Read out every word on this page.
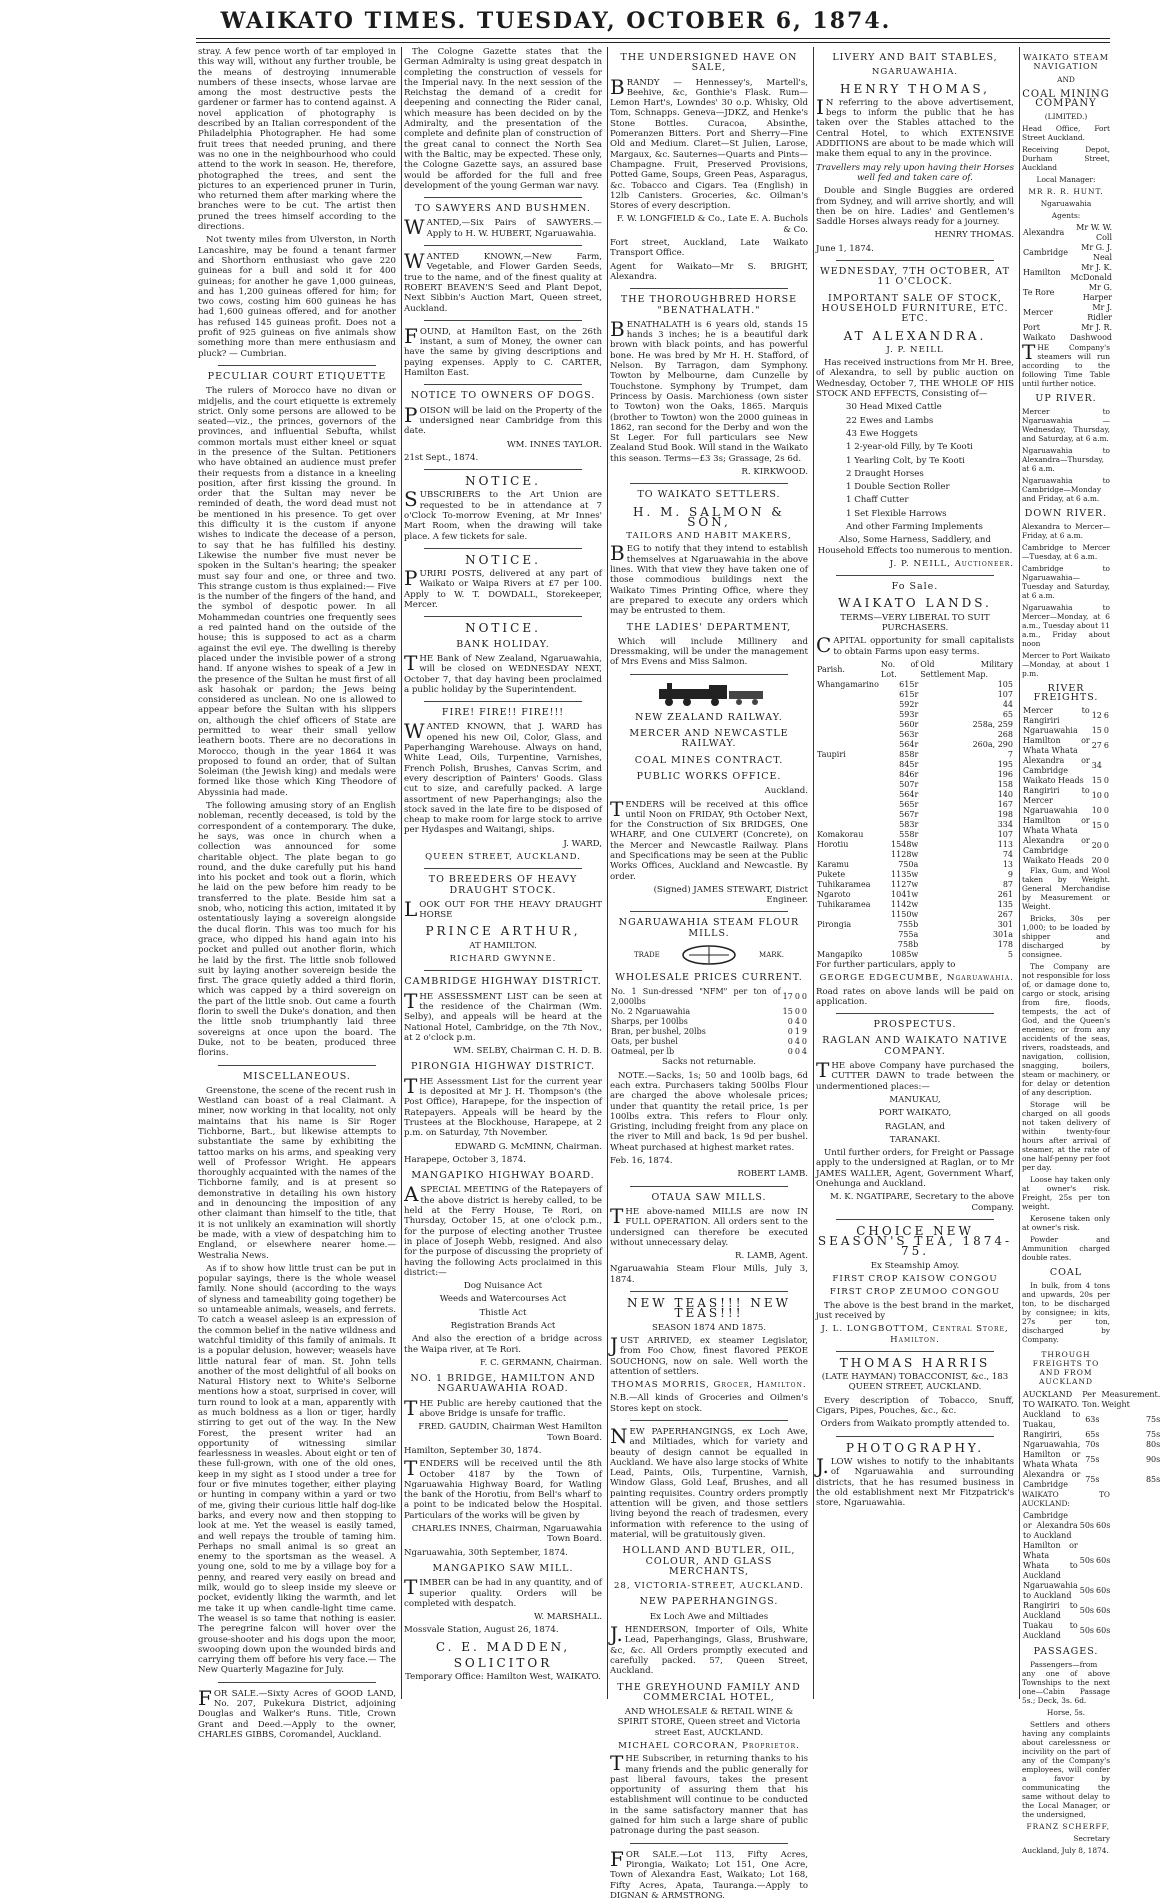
WAIKATO TIMES. TUESDAY, OCTOBER 6, 1874.

stray. A few pence worth of tar employed in this way will, without any further trouble, be the means of destroying innumerable numbers of these insects, whose larvae are among the most destructive pests the gardener or farmer has to contend against. A novel application of photography is described by an Italian correspondent of the Philadelphia Photographer. He had some fruit trees that needed pruning, and there was no one in the neighbourhood who could attend to the work in season. He, therefore, photographed the trees, and sent the pictures to an experienced pruner in Turin, who returned them after marking where the branches were to be cut. The artist then pruned the trees himself according to the directions.

Not twenty miles from Ulverston, in North Lancashire, may be found a tenant farmer and Shorthorn enthusiast who gave 220 guineas for a bull and sold it for 400 guineas; for another he gave 1,000 guineas, and has 1,200 guineas offered for him; for two cows, costing him 600 guineas he has had 1,600 guineas offered, and for another has refused 145 guineas profit. Does not a profit of 925 guineas on five animals show something more than mere enthusiasm and pluck? — Cumbrian.

PECULIAR COURT ETIQUETTE

The rulers of Morocco have no divan or midjelis, and the court etiquette is extremely strict. Only some persons are allowed to be seated—viz., the princes, governors of the provinces, and influential Sebufta, whilst common mortals must either kneel or squat in the presence of the Sultan. Petitioners who have obtained an audience must prefer their requests from a distance in a kneeling position, after first kissing the ground. In order that the Sultan may never be reminded of death, the word dead must not be mentioned in his presence. To get over this difficulty it is the custom if anyone wishes to indicate the decease of a person, to say that he has fulfilled his destiny. Likewise the number five must never be spoken in the Sultan's hearing; the speaker must say four and one, or three and two. This strange custom is thus explained:— Five is the number of the fingers of the hand, and the symbol of despotic power. In all Mohammedan countries one frequently sees a red painted hand on the outside of the house; this is supposed to act as a charm against the evil eye. The dwelling is thereby placed under the invisible power of a strong hand. If anyone wishes to speak of a Jew in the presence of the Sultan he must first of all ask hasohak or pardon; the Jews being considered as unclean. No one is allowed to appear before the Sultan with his slippers on, although the chief officers of State are permitted to wear their small yellow leathern boots. There are no decorations in Morocco, though in the year 1864 it was proposed to found an order, that of Sultan Soleiman (the Jewish king) and medals were formed like those which King Theodore of Abyssinia had made.

The following amusing story of an English nobleman, recently deceased, is told by the correspondent of a contemporary. The duke, he says, was once in church when a collection was announced for some charitable object. The plate began to go round, and the duke carefully put his hand into his pocket and took out a florin, which he laid on the pew before him ready to be transferred to the plate. Beside him sat a snob, who, noticing this action, imitated it by ostentatiously laying a sovereign alongside the ducal florin. This was too much for his grace, who dipped his hand again into his pocket and pulled out another florin, which he laid by the first. The little snob followed suit by laying another sovereign beside the first. The grace quietly added a third florin, which was capped by a third sovereign on the part of the little snob. Out came a fourth florin to swell the Duke's donation, and then the little snob triumphantly laid three sovereigns at once upon the board. The Duke, not to be beaten, produced three florins.

MISCELLANEOUS.

Greenstone, the scene of the recent rush in Westland can boast of a real Claimant. A miner, now working in that locality, not only maintains that his name is Sir Roger Tichborne, Bart., but likewise attempts to substantiate the same by exhibiting the tattoo marks on his arms, and speaking very well of Professor Wright. He appears thoroughly acquainted with the names of the Tichborne family, and is at present so demonstrative in detailing his own history and in denouncing the imposition of any other claimant than himself to the title, that it is not unlikely an examination will shortly be made, with a view of despatching him to England, or elsewhere nearer home.— Westralia News.

As if to show how little trust can be put in popular sayings, there is the whole weasel family. None should (according to the ways of slyness and tameability going together) be so untameable animals, weasels, and ferrets. To catch a weasel asleep is an expression of the common belief in the native wildness and watchful timidity of this family of animals. It is a popular delusion, however; weasels have little natural fear of man. St. John tells another of the most delightful of all books on Natural History next to White's Selborne mentions how a stoat, surprised in cover, will turn round to look at a man, apparently with as much boldness as a lion or tiger, hardly stirring to get out of the way. In the New Forest, the present writer had an opportunity of witnessing similar fearlessness in weasles. About eight or ten of these full-grown, with one of the old ones, keep in my sight as I stood under a tree for four or five minutes together, either playing or hunting in company within a yard or two of me, giving their curious little half dog-like barks, and every now and then stopping to look at me. Yet the weasel is easily tamed, and well repays the trouble of taming him. Perhaps no small animal is so great an enemy to the sportsman as the weasel. A young one, sold to me by a village boy for a penny, and reared very easily on bread and milk, would go to sleep inside my sleeve or pocket, evidently liking the warmth, and let me take it up when candle-light time came. The weasel is so tame that nothing is easier. The peregrine falcon will hover over the grouse-shooter and his dogs upon the moor, swooping down upon the wounded birds and carrying them off before his very face.— The New Quarterly Magazine for July.

FOR SALE.—Sixty Acres of GOOD LAND, No. 207, Pukekura District, adjoining Douglas and Walker's Runs. Title, Crown Grant and Deed.—Apply to the owner, CHARLES GIBBS, Coromandel, Auckland.

The Cologne Gazette states that the German Admiralty is using great despatch in completing the construction of vessels for the Imperial navy. In the next session of the Reichstag the demand of a credit for deepening and connecting the Rider canal, which measure has been decided on by the Admiralty, and the presentation of the complete and definite plan of construction of the great canal to connect the North Sea with the Baltic, may be expected. These only, the Cologne Gazette says, an assured base would be afforded for the full and free development of the young German war navy.

TO SAWYERS AND BUSHMEN.

WANTED,—Six Pairs of SAWYERS.—Apply to H. W. HUBERT, Ngaruawahia.

WANTED KNOWN,—New Farm, Vegetable, and Flower Garden Seeds, true to the name, and of the finest quality at ROBERT BEAVEN'S Seed and Plant Depot, Next Sibbin's Auction Mart, Queen street, Auckland.

FOUND, at Hamilton East, on the 26th instant, a sum of Money, the owner can have the same by giving descriptions and paying expenses. Apply to C. CARTER, Hamilton East.

NOTICE TO OWNERS OF DOGS.

POISON will be laid on the Property of the undersigned near Cambridge from this date.

WM. INNES TAYLOR.

21st Sept., 1874.

NOTICE.

SUBSCRIBERS to the Art Union are requested to be in attendance at 7 o'Clock To-morrow Evening, at Mr Innes' Mart Room, when the drawing will take place. A few tickets for sale.

NOTICE.

PURIRI POSTS, delivered at any part of Waikato or Waipa Rivers at £7 per 100. Apply to W. T. DOWDALL, Storekeeper, Mercer.

NOTICE.
BANK HOLIDAY.

THE Bank of New Zealand, Ngaruawahia, will be closed on WEDNESDAY NEXT, October 7, that day having been proclaimed a public holiday by the Superintendent.

FIRE! FIRE!! FIRE!!!

WANTED KNOWN, that J. WARD has opened his new Oil, Color, Glass, and Paperhanging Warehouse. Always on hand, White Lead, Oils, Turpentine, Varnishes, French Polish, Brushes, Canvas Scrim, and every description of Painters' Goods. Glass cut to size, and carefully packed. A large assortment of new Paperhangings; also the stock saved in the late fire to be disposed of cheap to make room for large stock to arrive per Hydaspes and Waitangi, ships.

J. WARD,

QUEEN STREET, AUCKLAND.

TO BREEDERS OF HEAVY DRAUGHT STOCK.

LOOK OUT FOR THE HEAVY DRAUGHT HORSE

PRINCE ARTHUR,

AT HAMILTON.

RICHARD GWYNNE.

CAMBRIDGE HIGHWAY DISTRICT.

THE ASSESSMENT LIST can be seen at the residence of the Chairman (Wm. Selby), and appeals will be heard at the National Hotel, Cambridge, on the 7th Nov., at 2 o'clock p.m.

WM. SELBY, Chairman C. H. D. B.

PIRONGIA HIGHWAY DISTRICT.

THE Assessment List for the current year is deposited at Mr J. H. Thompson's (the Post Office), Harapepe, for the inspection of Ratepayers. Appeals will be heard by the Trustees at the Blockhouse, Harapepe, at 2 p.m. on Saturday, 7th November.

EDWARD G. McMINN, Chairman.

Harapepe, October 3, 1874.

MANGAPIKO HIGHWAY BOARD.

ASPECIAL MEETING of the Ratepayers of the above district is hereby called, to be held at the Ferry House, Te Rori, on Thursday, October 15, at one o'clock p.m., for the purpose of electing another Trustee in place of Joseph Webb, resigned. And also for the purpose of discussing the propriety of having the following Acts proclaimed in this district:—

Dog Nuisance Act

Weeds and Watercourses Act

Thistle Act

Registration Brands Act

And also the erection of a bridge across the Waipa river, at Te Rori.

F. C. GERMANN, Chairman.

NO. 1 BRIDGE, HAMILTON AND NGARUAWAHIA ROAD.

THE Public are hereby cautioned that the above Bridge is unsafe for traffic.

FRED. GAUDIN, Chairman West Hamilton Town Board.

Hamilton, September 30, 1874.

TENDERS will be received until the 8th October 4187 by the Town of Ngaruawahia Highway Board, for Watling the bank of the Horotiu, from Bell's wharf to a point to be indicated below the Hospital. Particulars of the works will be given by

CHARLES INNES, Chairman, Ngaruawahia Town Board.

Ngaruawahia, 30th September, 1874.

MANGAPIKO SAW MILL.

TIMBER can be had in any quantity, and of superior quality. Orders will be completed with despatch.

W. MARSHALL.

Mossvale Station, August 26, 1874.

C. E. MADDEN,
SOLICITOR

Temporary Office: Hamilton West, WAIKATO.

THE UNDERSIGNED HAVE ON SALE,

BRANDY — Hennessey's, Martell's, Beehive, &c, Gonthie's Flask. Rum—Lemon Hart's, Lowndes' 30 o.p. Whisky, Old Tom, Schnapps. Geneva—JDKZ, and Henke's Stone Bottles. Curacoa, Absinthe, Pomeranzen Bitters. Port and Sherry—Fine Old and Medium. Claret—St Julien, Larose, Margaux, &c. Sauternes—Quarts and Pints—Champagne. Fruit, Preserved Provisions, Potted Game, Soups, Green Peas, Asparagus, &c. Tobacco and Cigars. Tea (English) in 12lb Canisters. Groceries, &c. Oilman's Stores of every description.

F. W. LONGFIELD & Co., Late E. A. Buchols & Co.

Fort street, Auckland, Late Waikato Transport Office.

Agent for Waikato—Mr S. BRIGHT, Alexandra.

THE THOROUGHBRED HORSE "BENATHALATH."

BENATHALATH is 6 years old, stands 15 hands 3 inches; he is a beautiful dark brown with black points, and has powerful bone. He was bred by Mr H. H. Stafford, of Nelson. By Tarragon, dam Symphony. Towton by Melbourne, dam Cunzelle by Touchstone. Symphony by Trumpet, dam Princess by Oasis. Marchioness (own sister to Towton) won the Oaks, 1865. Marquis (brother to Towton) won the 2000 guineas in 1862, ran second for the Derby and won the St Leger. For full particulars see New Zealand Stud Book. Will stand in the Waikato this season. Terms—£3 3s; Grassage, 2s 6d.

R. KIRKWOOD.

TO WAIKATO SETTLERS.
H. M. SALMON & SON,

TAILORS AND HABIT MAKERS,

BEG to notify that they intend to establish themselves at Ngaruawahia in the above lines. With that view they have taken one of those commodious buildings next the Waikato Times Printing Office, where they are prepared to execute any orders which may be entrusted to them.

THE LADIES' DEPARTMENT,

Which will include Millinery and Dressmaking, will be under the management of Mrs Evens and Miss Salmon.

NEW ZEALAND RAILWAY.
MERCER AND NEWCASTLE RAILWAY.
COAL MINES CONTRACT.
PUBLIC WORKS OFFICE.

Auckland.

TENDERS will be received at this office until Noon on FRIDAY, 9th October Next, for the Construction of Six BRIDGES, One WHARF, and One CULVERT (Concrete), on the Mercer and Newcastle Railway. Plans and Specifications may be seen at the Public Works Offices, Auckland and Newcastle. By order.

(Signed) JAMES STEWART, District Engineer.

NGARUAWAHIA STEAM FLOUR MILLS.
TRADE	MARK.
WHOLESALE PRICES CURRENT.
No. 1 Sun-dressed "NFM" per ton of 2,000lbs	17	0	0
No. 2 Ngaruawahia	15	0	0
Sharps, per 100lbs	0	4	0
Bran, per bushel, 20lbs	0	1	9
Oats, per bushel	0	4	0
Oatmeal, per lb	0	0	4

Sacks not returnable.

NOTE.—Sacks, 1s; 50 and 100lb bags, 6d each extra. Purchasers taking 500lbs Flour are charged the above wholesale prices; under that quantity the retail price, 1s per 100lbs extra. This refers to Flour only. Gristing, including freight from any place on the river to Mill and back, 1s 9d per bushel. Wheat purchased at highest market rates.

Feb. 16, 1874.

ROBERT LAMB.

OTAUA SAW MILLS.

THE above-named MILLS are now IN FULL OPERATION. All orders sent to the undersigned can therefore be executed without unnecessary delay.

R. LAMB, Agent.

Ngaruawahia Steam Flour Mills, July 3, 1874.

NEW TEAS!!! NEW TEAS!!!

SEASON 1874 AND 1875.

JUST ARRIVED, ex steamer Legislator, from Foo Chow, finest flavored PEKOE SOUCHONG, now on sale. Well worth the attention of settlers.

THOMAS MORRIS, Grocer, Hamilton.

N.B.—All kinds of Groceries and Oilmen's Stores kept on stock.

NEW PAPERHANGINGS, ex Loch Awe, and Miltiades, which for variety and beauty of design cannot be equalled in Auckland. We have also large stocks of White Lead, Paints, Oils, Turpentine, Varnish, Window Glass, Gold Leaf, Brushes, and all painting requisites. Country orders promptly attention will be given, and those settlers living beyond the reach of tradesmen, every information with reference to the using of material, will be gratuitously given.

HOLLAND AND BUTLER, OIL, COLOUR, AND GLASS MERCHANTS,

28, VICTORIA-STREET, AUCKLAND.

NEW PAPERHANGINGS.

Ex Loch Awe and Miltiades

J.HENDERSON, Importer of Oils, White Lead, Paperhangings, Glass, Brushware, &c, &c. All Orders promptly executed and carefully packed. 57, Queen Street, Auckland.

THE GREYHOUND FAMILY AND COMMERCIAL HOTEL,

AND WHOLESALE & RETAIL WINE & SPIRIT STORE, Queen street and Victoria street East, AUCKLAND.

MICHAEL CORCORAN, Proprietor.

THE Subscriber, in returning thanks to his many friends and the public generally for past liberal favours, takes the present opportunity of assuring them that his establishment will continue to be conducted in the same satisfactory manner that has gained for him such a large share of public patronage during the past season.

FOR SALE.—Lot 113, Fifty Acres, Pirongia, Waikato; Lot 151, One Acre, Town of Alexandra East, Waikato; Lot 168, Fifty Acres, Apata, Tauranga.—Apply to DIGNAN & ARMSTRONG.

LIVERY AND BAIT STABLES,

NGARUAWAHIA.

HENRY THOMAS,

IN referring to the above advertisement, begs to inform the public that he has taken over the Stables attached to the Central Hotel, to which EXTENSIVE ADDITIONS are about to be made which will make them equal to any in the province.

Travellers may rely upon having their Horses well fed and taken care of.

Double and Single Buggies are ordered from Sydney, and will arrive shortly, and will then be on hire. Ladies' and Gentlemen's Saddle Horses always ready for a journey.

HENRY THOMAS.

June 1, 1874.

WEDNESDAY, 7TH OCTOBER, AT 11 O'CLOCK.
IMPORTANT SALE OF STOCK, HOUSEHOLD FURNITURE, ETC. ETC.
AT ALEXANDRA.

J. P. NEILL

Has received instructions from Mr H. Bree, of Alexandra, to sell by public auction on Wednesday, October 7, THE WHOLE OF HIS STOCK AND EFFECTS, Consisting of—

30 Head Mixed Cattle

22 Ewes and Lambs

43 Ewe Hoggets

1 2-year-old Filly, by Te Kooti

1 Yearling Colt, by Te Kooti

2 Draught Horses

1 Double Section Roller

1 Chaff Cutter

1 Set Flexible Harrows

And other Farming Implements

Also, Some Harness, Saddlery, and Household Effects too numerous to mention.

J. P. NEILL, Auctioneer.

Fo Sale.
WAIKATO LANDS.

TERMS—VERY LIBERAL TO SUIT PURCHASERS.

CAPITAL opportunity for small capitalists to obtain Farms upon easy terms.

Parish.	No. of Lot.	Old Military Settlement Map.
Whangamarino	615r	105
	615r	107
	592r	44
	593r	65
	560r	258a, 259
	563r	268
	564r	260a, 290
Taupiri	858r	7
	845r	195
	846r	196
	507r	158
	564r	140
	565r	167
	567r	198
	583r	334
Komakorau	558r	107
Horotiu	1548w	113
	1128w	74
Karamu	750a	13
Pukete	1135w	9
Tuhikaramea	1127w	87
Ngaroto	1041w	261
Tuhikaramea	1142w	135
	1150w	267
Pirongia	755b	301
	755a	301a
	758b	178
Mangapiko	1085w	5

For further particulars, apply to

GEORGE EDGECUMBE, Ngaruawahia.

Road rates on above lands will be paid on application.

PROSPECTUS.
RAGLAN AND WAIKATO NATIVE COMPANY.

THE above Company have purchased the CUTTER DAWN to trade between the undermentioned places:—

MANUKAU,

PORT WAIKATO,

RAGLAN, and

TARANAKI.

Until further orders, for Freight or Passage apply to the undersigned at Raglan, or to Mr JAMES WALLER, Agent, Government Wharf, Onehunga and Auckland.

M. K. NGATIPARE, Secretary to the above Company.

CHOICE NEW SEASON'S TEA, 1874-75.

Ex Steamship Amoy.

FIRST CROP KAISOW CONGOU

FIRST CROP ZEUMOO CONGOU

The above is the best brand in the market, just received by

J. L. LONGBOTTOM, Central Store, Hamilton.

THOMAS HARRIS

(LATE HAYMAN) TOBACCONIST, &c., 183 QUEEN STREET, AUCKLAND.

Every description of Tobacco, Snuff, Cigars, Pipes, Pouches, &c., &c.

Orders from Waikato promptly attended to.

PHOTOGRAPHY.

J.LOW wishes to notify to the inhabitants of Ngaruawahia and surrounding districts, that he has resumed business in the old establishment next Mr Fitzpatrick's store, Ngaruawahia.

WAIKATO STEAM NAVIGATION

AND

COAL MINING COMPANY

(LIMITED.)

Head Office, Fort Street Auckland.

Receiving Depot, Durham Street, Auckland

Local Manager:

MR R. R. HUNT.

Ngaruawahia

Agents:

Alexandra	Mr W. W. Coll
Cambridge	Mr G. J. Neal
Hamilton	Mr J. K. McDonald
Te Rore	Mr G. Harper
Mercer	Mr J. Ridler
Port Waikato	Mr J. R. Dashwood

THE Company's steamers will run according to the following Time Table until further notice.

UP RIVER.

Mercer to Ngaruawahia — Wednesday, Thursday, and Saturday, at 6 a.m.

Ngaruawahia to Alexandra—Thursday, at 6 a.m.

Ngaruawahia to Cambridge—Monday and Friday, at 6 a.m.

DOWN RIVER.

Alexandra to Mercer—Friday, at 6 a.m.

Cambridge to Mercer—Tuesday, at 6 a.m.

Cambridge to Ngaruawahia—Tuesday and Saturday, at 6 a.m.

Ngaruawahia to Mercer—Monday, at 6 a.m., Tuesday about 11 a.m., Friday about noon

Mercer to Port Waikato—Monday, at about 1 p.m.

RIVER FREIGHTS.
Mercer to Rangiriri	12	6
Ngaruawahia	15	0
Hamilton or Whata Whata	27	6
Alexandra or Cambridge	34	
Waikato Heads	15	0
Rangiriri to Mercer	10	0
Ngaruawahia	10	0
Hamilton or Whata Whata	15	0
Alexandra or Cambridge	20	0
Waikato Heads	20	0

Flax, Gum, and Wool taken by Weight. General Merchandise by Measurement or Weight.

Bricks, 30s per 1,000; to be loaded by shipper and discharged by consignee.

The Company are not responsible for loss of, or damage done to, cargo or stock, arising from fire, floods, tempests, the act of God, and the Queen's enemies; or from any accidents of the seas, rivers, roadsteads, and navigation, collision, snagging, boilers, steam or machinery, or for delay or detention of any description.

Storage will be charged on all goods not taken delivery of within twenty-four hours after arrival of steamer, at the rate of one half-penny per foot per day.

Loose hay taken only at owner's risk. Freight, 25s per ton weight.

Kerosene taken only at owner's risk.

Powder and Ammunition charged double rates.

COAL

In bulk, from 4 tons and upwards, 20s per ton, to be discharged by consignee; in kits, 27s per ton, discharged by Company.

THROUGH FREIGHTS TO AND FROM AUCKLAND
AUCKLAND TO WAIKATO.	Per Ton.	Measurement. Weight
Auckland to Tuakau,	63s	75s
Rangiriri,	65s	75s
Ngaruawahia,	70s	80s
Hamilton or Whata Whata	75s	90s
Alexandra or Cambridge	75s	85s

WAIKATO TO AUCKLAND:

Cambridge or Alexandra to Auckland	50s	60s
Hamilton or Whata Whata to Auckland	50s	60s
Ngaruawahia to Auckland	50s	60s
Rangiriri to Auckland	50s	60s
Tuakau to Auckland	50s	60s
PASSAGES.

Passengers—from any one of above Townships to the next one—Cabin Passage 5s.; Deck, 3s. 6d.

Horse, 5s.

Settlers and others having any complaints about carelessness or incivility on the part of any of the Company's employees, will confer a favor by communicating the same without delay to the Local Manager, or the undersigned,

FRANZ SCHERFF,

Secretary

Auckland, July 8, 1874.
